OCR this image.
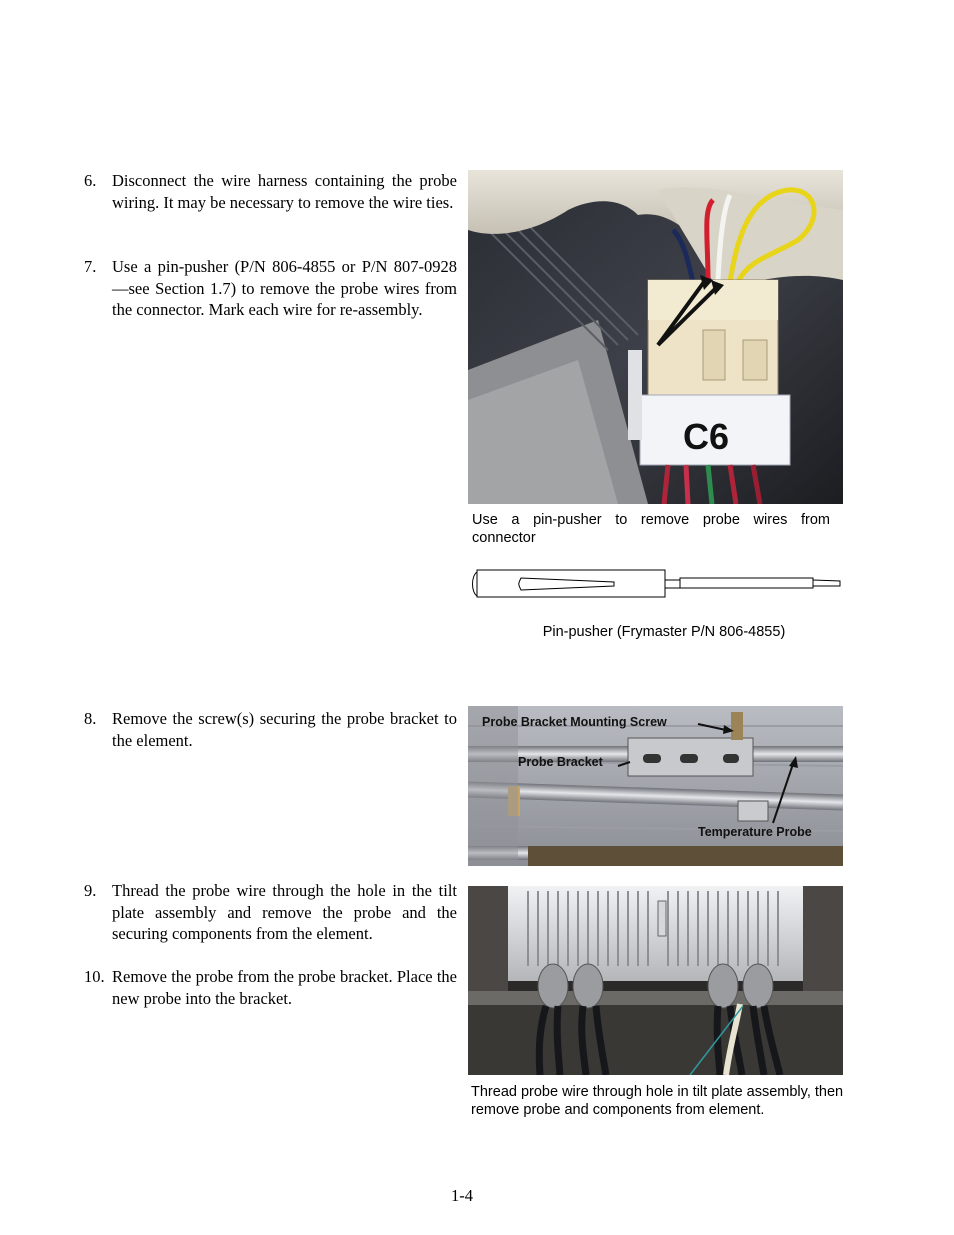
6. Disconnect the wire harness containing the probe wiring. It may be necessary to remove the wire ties.
7. Use a pin-pusher (P/N 806-4855 or P/N 807-0928—see Section 1.7) to remove the probe wires from the connector. Mark each wire for re-assembly.
8. Remove the screw(s) securing the probe bracket to the element.
9. Thread the probe wire through the hole in the tilt plate assembly and remove the probe and the securing components from the element.
10. Remove the probe from the probe bracket. Place the new probe into the bracket.
C6
Use a pin-pusher to remove probe wires from connector
Pin-pusher (Frymaster P/N 806-4855)
Probe Bracket Mounting Screw
Probe Bracket
Temperature Probe
Thread probe wire through hole in tilt plate assembly, then remove probe and components from element.
1-4
